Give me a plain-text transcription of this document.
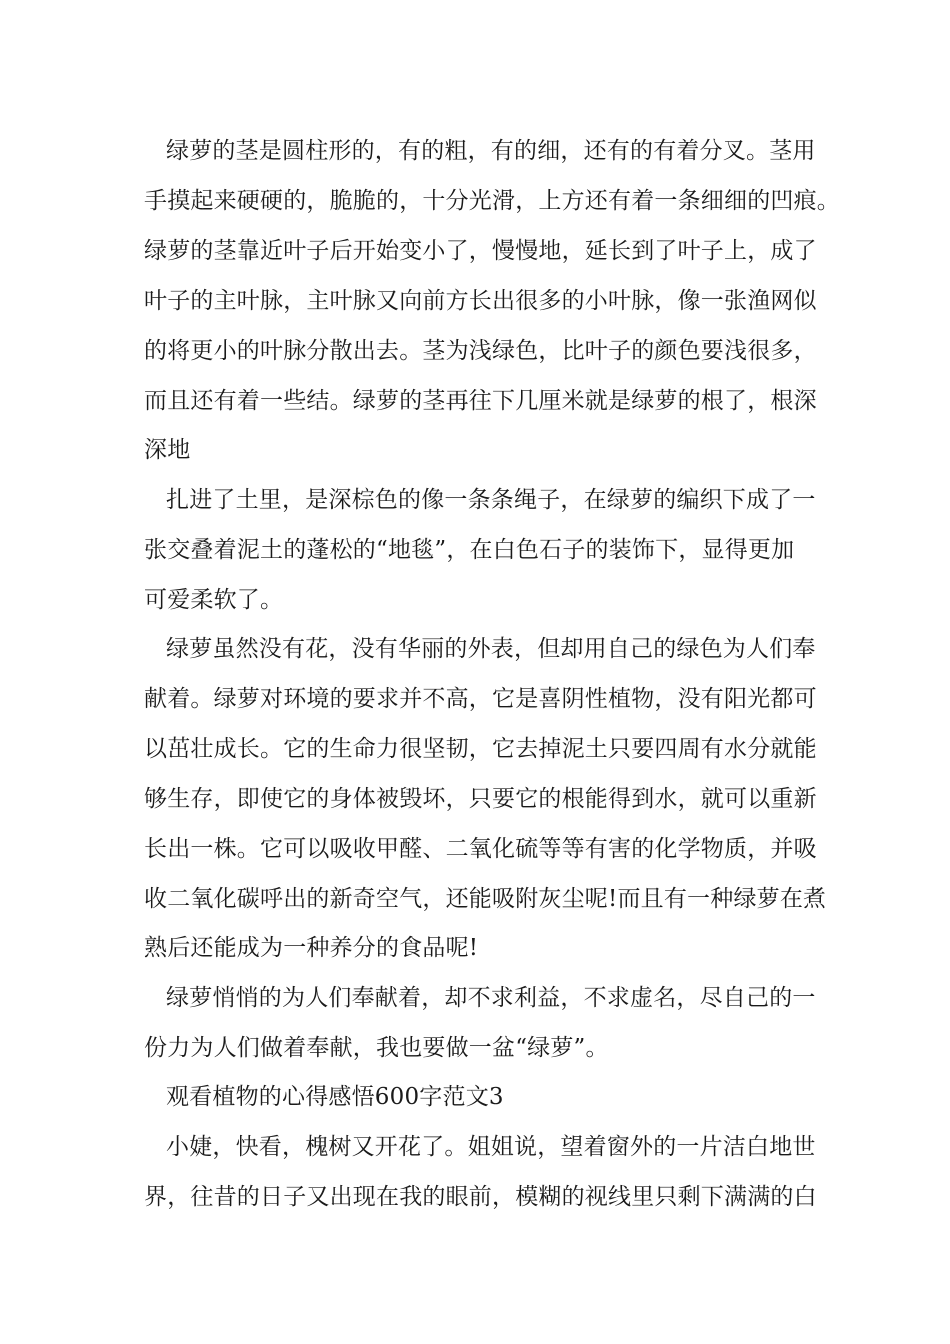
绿萝的茎是圆柱形的，有的粗，有的细，还有的有着分叉。茎用
手摸起来硬硬的，脆脆的，十分光滑，上方还有着一条细细的凹痕。
绿萝的茎靠近叶子后开始变小了，慢慢地，延长到了叶子上，成了
叶子的主叶脉，主叶脉又向前方长出很多的小叶脉，像一张渔网似
的将更小的叶脉分散出去。茎为浅绿色，比叶子的颜色要浅很多，
而且还有着一些结。绿萝的茎再往下几厘米就是绿萝的根了，根深
深地
扎进了土里，是深棕色的像一条条绳子，在绿萝的编织下成了一
张交叠着泥土的蓬松的“地毯”，在白色石子的装饰下，显得更加
可爱柔软了。
绿萝虽然没有花，没有华丽的外表，但却用自己的绿色为人们奉
献着。绿萝对环境的要求并不高，它是喜阴性植物，没有阳光都可
以茁壮成长。它的生命力很坚韧，它去掉泥土只要四周有水分就能
够生存，即使它的身体被毁坏，只要它的根能得到水，就可以重新
长出一株。它可以吸收甲醛、二氧化硫等等有害的化学物质，并吸
收二氧化碳呼出的新奇空气，还能吸附灰尘呢!而且有一种绿萝在煮
熟后还能成为一种养分的食品呢!
绿萝悄悄的为人们奉献着，却不求利益，不求虚名，尽自己的一
份力为人们做着奉献，我也要做一盆“绿萝”。
观看植物的心得感悟600字范文3
小婕，快看，槐树又开花了。姐姐说，望着窗外的一片洁白地世
界，往昔的日子又出现在我的眼前，模糊的视线里只剩下满满的白
